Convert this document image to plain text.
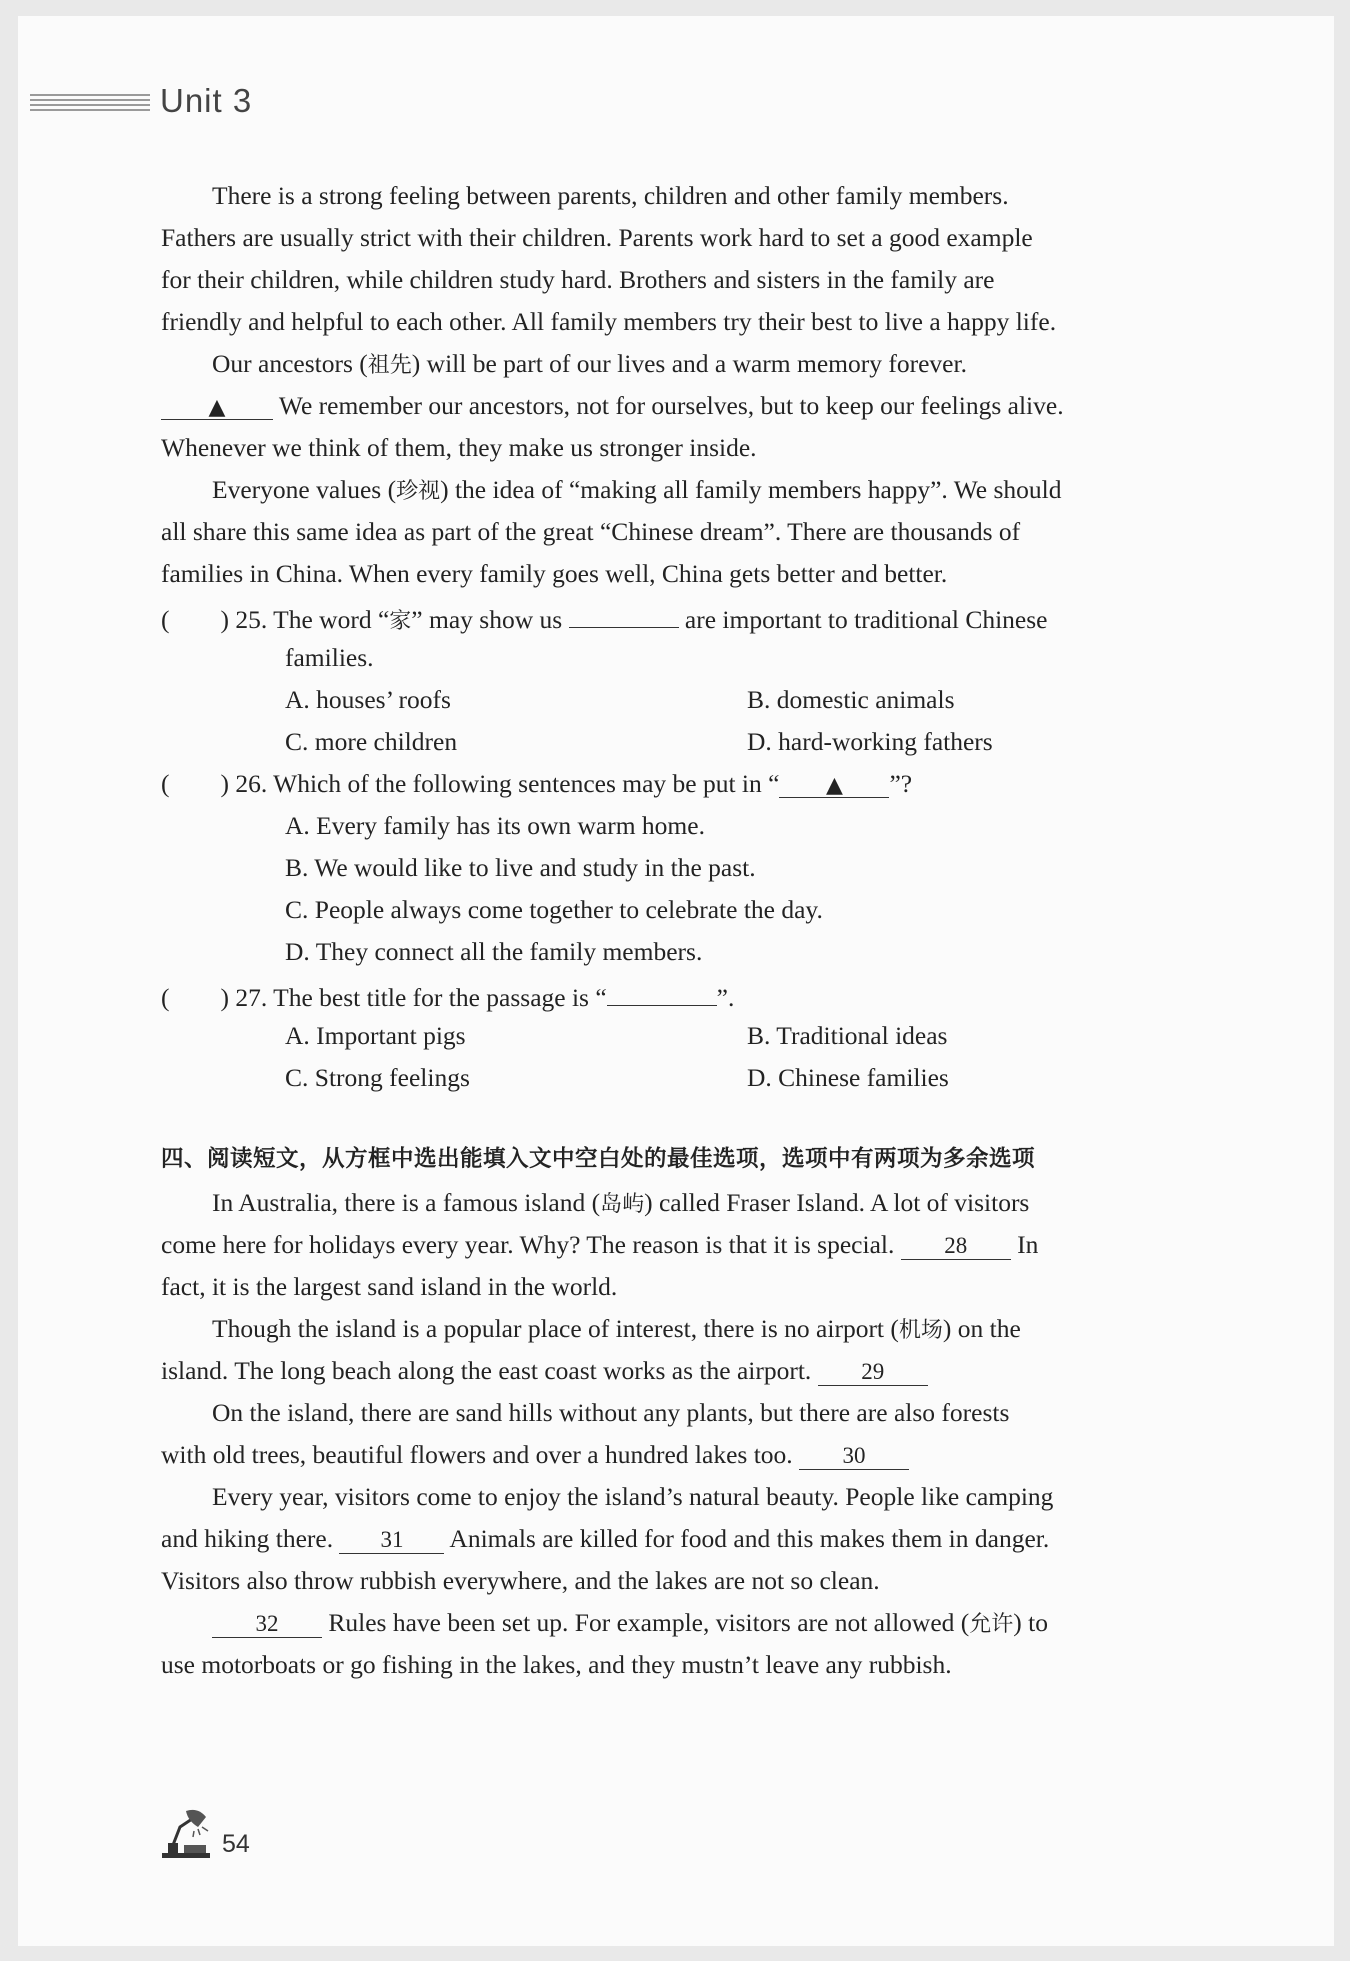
Unit 3
There is a strong feeling between parents, children and other family members.
Fathers are usually strict with their children. Parents work hard to set a good example
for their children, while children study hard. Brothers and sisters in the family are
friendly and helpful to each other. All family members try their best to live a happy life.
Our ancestors (祖先) will be part of our lives and a warm memory forever.
▲ We remember our ancestors, not for ourselves, but to keep our feelings alive.
Whenever we think of them, they make us stronger inside.
Everyone values (珍视) the idea of “making all family members happy”. We should
all share this same idea as part of the great “Chinese dream”. There are thousands of
families in China. When every family goes well, China gets better and better.
(        ) 25. The word “家” may show us	are important to traditional Chinese
families.
A. houses’ roofs	B. domestic animals
C. more children	D. hard-working fathers
(        ) 26. Which of the following sentences may be put in “ ▲ ”?
A. Every family has its own warm home.
B. We would like to live and study in the past.
C. People always come together to celebrate the day.
D. They connect all the family members.
(        ) 27. The best title for the passage is “	”.
A. Important pigs	B. Traditional ideas
C. Strong feelings	D. Chinese families
四、阅读短文，从方框中选出能填入文中空白处的最佳选项，选项中有两项为多余选项
In Australia, there is a famous island (岛屿) called Fraser Island. A lot of visitors
come here for holidays every year. Why? The reason is that it is special. 28 In
fact, it is the largest sand island in the world.
Though the island is a popular place of interest, there is no airport (机场) on the
island. The long beach along the east coast works as the airport. 29
On the island, there are sand hills without any plants, but there are also forests
with old trees, beautiful flowers and over a hundred lakes too. 30
Every year, visitors come to enjoy the island’s natural beauty. People like camping
and hiking there. 31 Animals are killed for food and this makes them in danger.
Visitors also throw rubbish everywhere, and the lakes are not so clean.
32 Rules have been set up. For example, visitors are not allowed (允许) to
use motorboats or go fishing in the lakes, and they mustn’t leave any rubbish.
54
